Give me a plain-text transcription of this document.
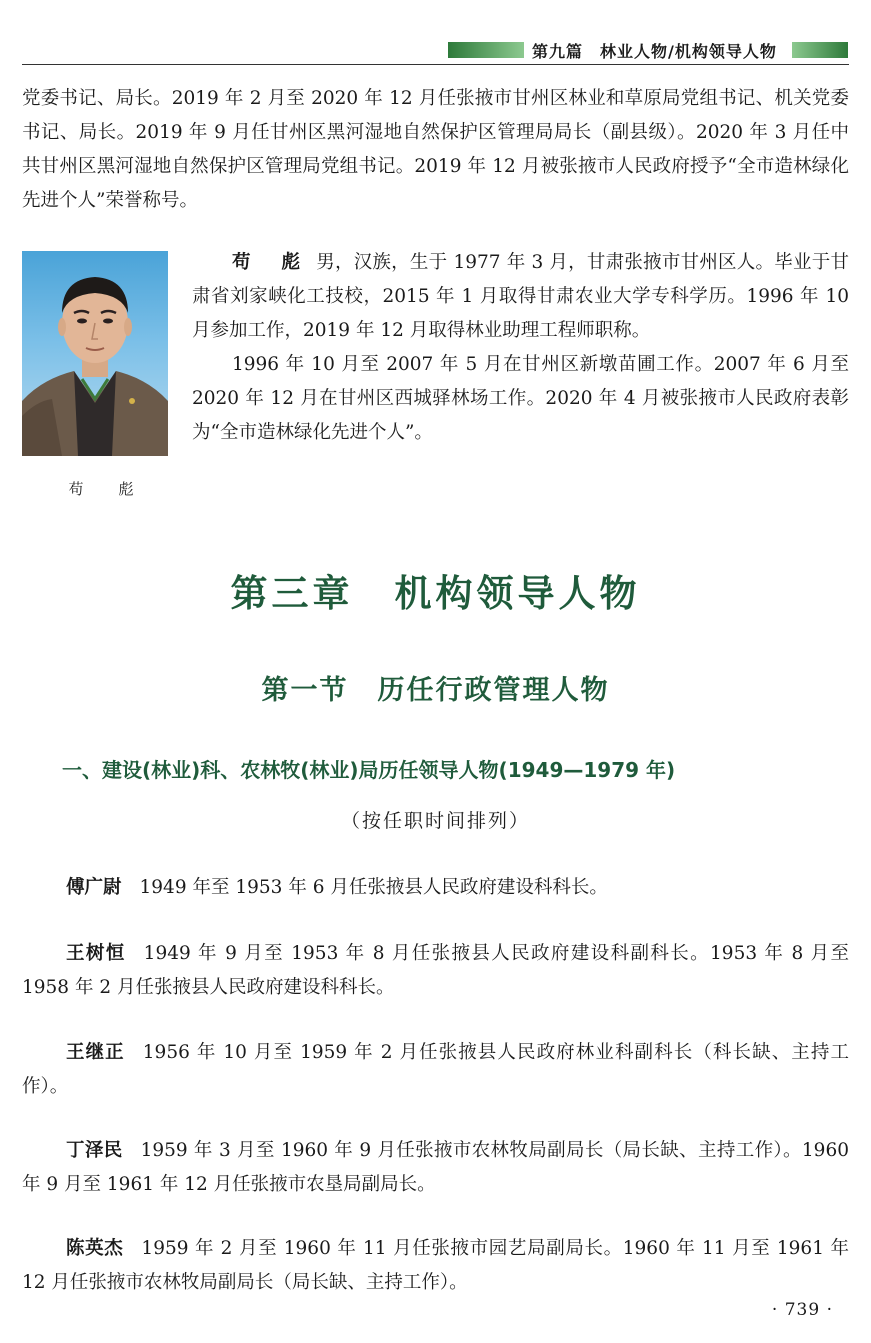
第九篇　林业人物/机构领导人物

党委书记、局长。2019 年 2 月至 2020 年 12 月任张掖市甘州区林业和草原局党组书记、机关党委书记、局长。2019 年 9 月任甘州区黑河湿地自然保护区管理局局长（副县级）。2020 年 3 月任中共甘州区黑河湿地自然保护区管理局党组书记。2019 年 12 月被张掖市人民政府授予“全市造林绿化先进个人”荣誉称号。

苟　彪

苟　彪 男，汉族，生于 1977 年 3 月，甘肃张掖市甘州区人。毕业于甘肃省刘家峡化工技校，2015 年 1 月取得甘肃农业大学专科学历。1996 年 10 月参加工作，2019 年 12 月取得林业助理工程师职称。

1996 年 10 月至 2007 年 5 月在甘州区新墩苗圃工作。2007 年 6 月至 2020 年 12 月在甘州区西城驿林场工作。2020 年 4 月被张掖市人民政府表彰为“全市造林绿化先进个人”。

第三章　机构领导人物
第一节　历任行政管理人物
一、建设(林业)科、农林牧(林业)局历任领导人物(1949—1979 年)
（按任职时间排列）

傅广尉 1949 年至 1953 年 6 月任张掖县人民政府建设科科长。

王树恒 1949 年 9 月至 1953 年 8 月任张掖县人民政府建设科副科长。1953 年 8 月至 1958 年 2 月任张掖县人民政府建设科科长。

王继正 1956 年 10 月至 1959 年 2 月任张掖县人民政府林业科副科长（科长缺、主持工作）。

丁泽民 1959 年 3 月至 1960 年 9 月任张掖市农林牧局副局长（局长缺、主持工作）。1960 年 9 月至 1961 年 12 月任张掖市农垦局副局长。

陈英杰 1959 年 2 月至 1960 年 11 月任张掖市园艺局副局长。1960 年 11 月至 1961 年 12 月任张掖市农林牧局副局长（局长缺、主持工作）。

· 739 ·
